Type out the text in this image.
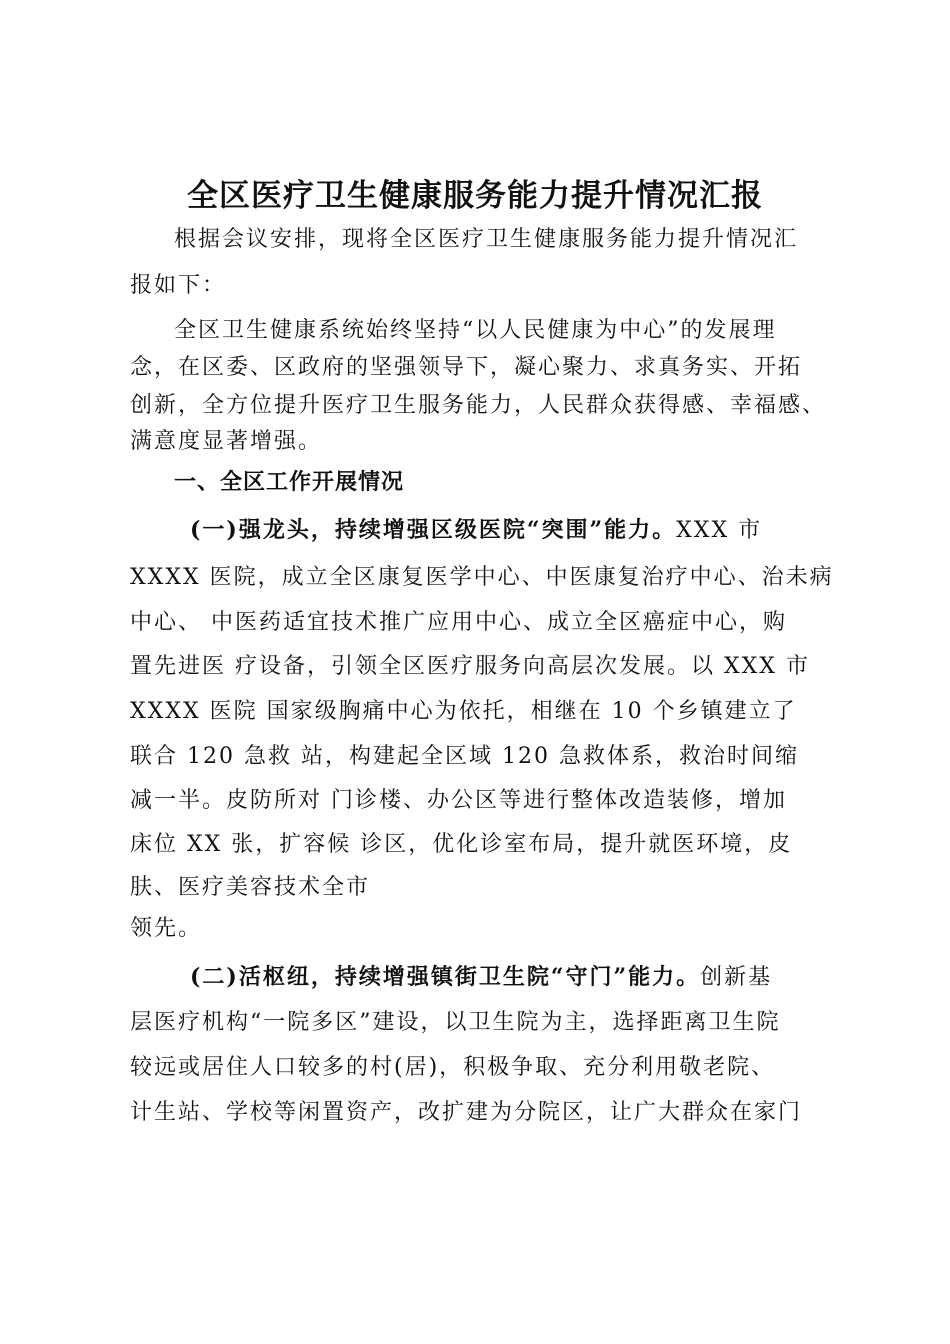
全区医疗卫生健康服务能力提升情况汇报
根据会议安排，现将全区医疗卫生健康服务能力提升情况汇
报如下：
全区卫生健康系统始终坚持“以人民健康为中心”的发展理
念，在区委、区政府的坚强领导下，凝心聚力、求真务实、开拓
创新，全方位提升医疗卫生服务能力，人民群众获得感、幸福感、
满意度显著增强。
一、全区工作开展情况
(一)强龙头，持续增强区级医院“突围”能力。XXX 市
XXXX 医院，成立全区康复医学中心、中医康复治疗中心、治未病
中心、 中医药适宜技术推广应用中心、成立全区癌症中心，购
置先进医 疗设备，引领全区医疗服务向高层次发展。以 XXX 市
XXXX 医院 国家级胸痛中心为依托，相继在 10 个乡镇建立了
联合 120 急救 站，构建起全区域 120 急救体系，救治时间缩
减一半。皮防所对 门诊楼、办公区等进行整体改造装修，增加
床位 XX 张，扩容候 诊区，优化诊室布局，提升就医环境，皮
肤、医疗美容技术全市
领先。
(二)活枢纽，持续增强镇街卫生院“守门”能力。创新基
层医疗机构“一院多区”建设，以卫生院为主，选择距离卫生院
较远或居住人口较多的村(居)，积极争取、充分利用敬老院、
计生站、学校等闲置资产，改扩建为分院区，让广大群众在家门
